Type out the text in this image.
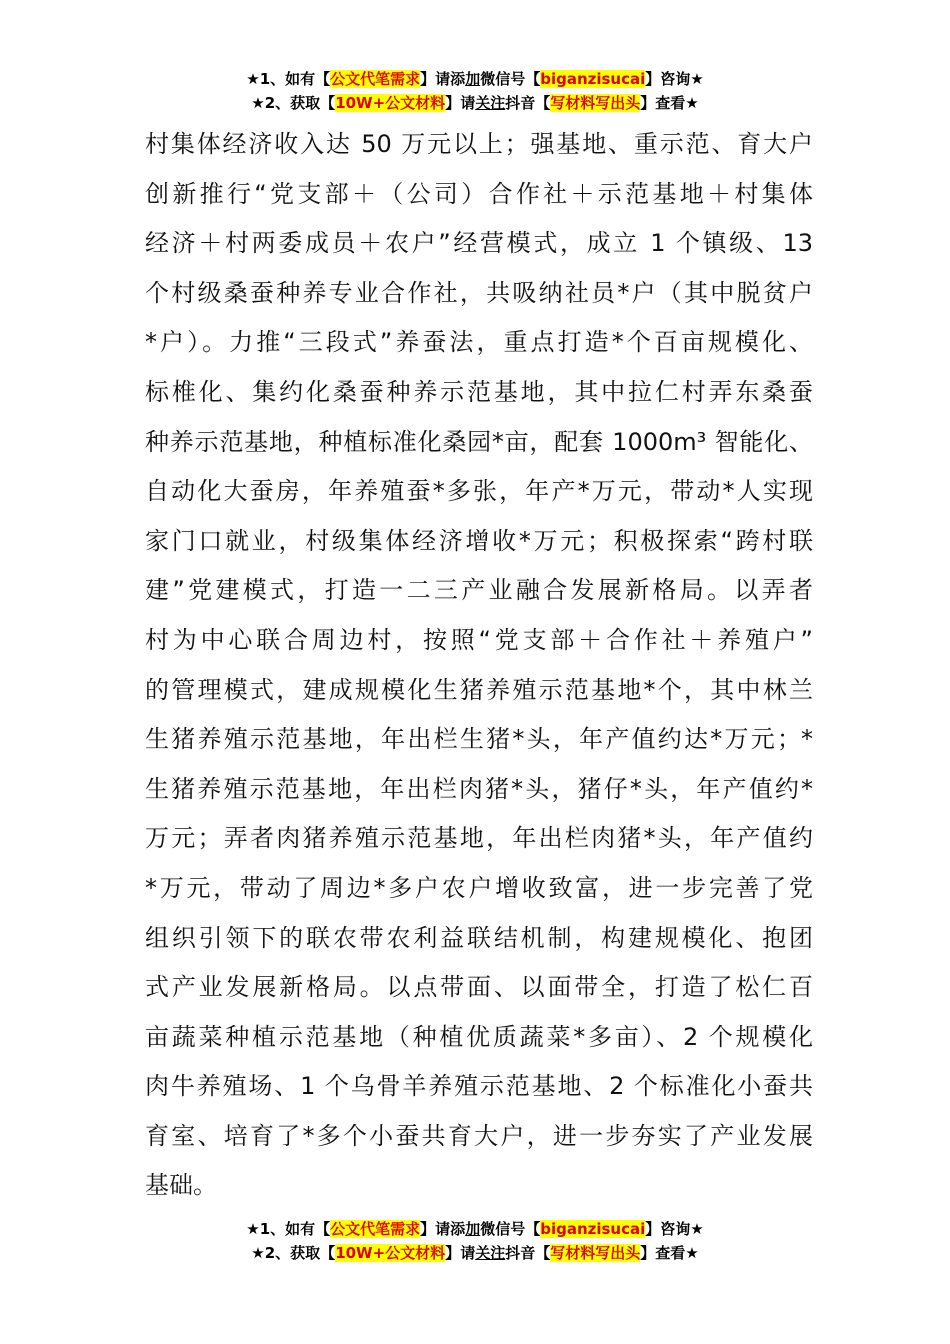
★1、如有【公文代笔需求】请添加微信号【biganzisucai】咨询★
★2、获取【10W+公文材料】请关注抖音【写材料写出头】查看★
村集体经济收入达 50 万元以上；强基地、重示范、育大户
创新推行“党支部＋（公司）合作社＋示范基地＋村集体
经济＋村两委成员＋农户”经营模式，成立 1 个镇级、13
个村级桑蚕种养专业合作社，共吸纳社员*户（其中脱贫户
*户）。力推“三段式”养蚕法，重点打造*个百亩规模化、
标椎化、集约化桑蚕种养示范基地，其中拉仁村弄东桑蚕
种养示范基地，种植标准化桑园*亩，配套 1000m³ 智能化、
自动化大蚕房，年养殖蚕*多张，年产*万元，带动*人实现
家门口就业，村级集体经济增收*万元；积极探索“跨村联
建”党建模式，打造一二三产业融合发展新格局。以弄者
村为中心联合周边村，按照“党支部＋合作社＋养殖户”
的管理模式，建成规模化生猪养殖示范基地*个，其中林兰
生猪养殖示范基地，年出栏生猪*头，年产值约达*万元；*
生猪养殖示范基地，年出栏肉猪*头，猪仔*头，年产值约*
万元；弄者肉猪养殖示范基地，年出栏肉猪*头，年产值约
*万元，带动了周边*多户农户增收致富，进一步完善了党
组织引领下的联农带农利益联结机制，构建规模化、抱团
式产业发展新格局。以点带面、以面带全，打造了松仁百
亩蔬菜种植示范基地（种植优质蔬菜*多亩）、2 个规模化
肉牛养殖场、1 个乌骨羊养殖示范基地、2 个标准化小蚕共
育室、培育了*多个小蚕共育大户，进一步夯实了产业发展
基础。
★1、如有【公文代笔需求】请添加微信号【biganzisucai】咨询★
★2、获取【10W+公文材料】请关注抖音【写材料写出头】查看★
